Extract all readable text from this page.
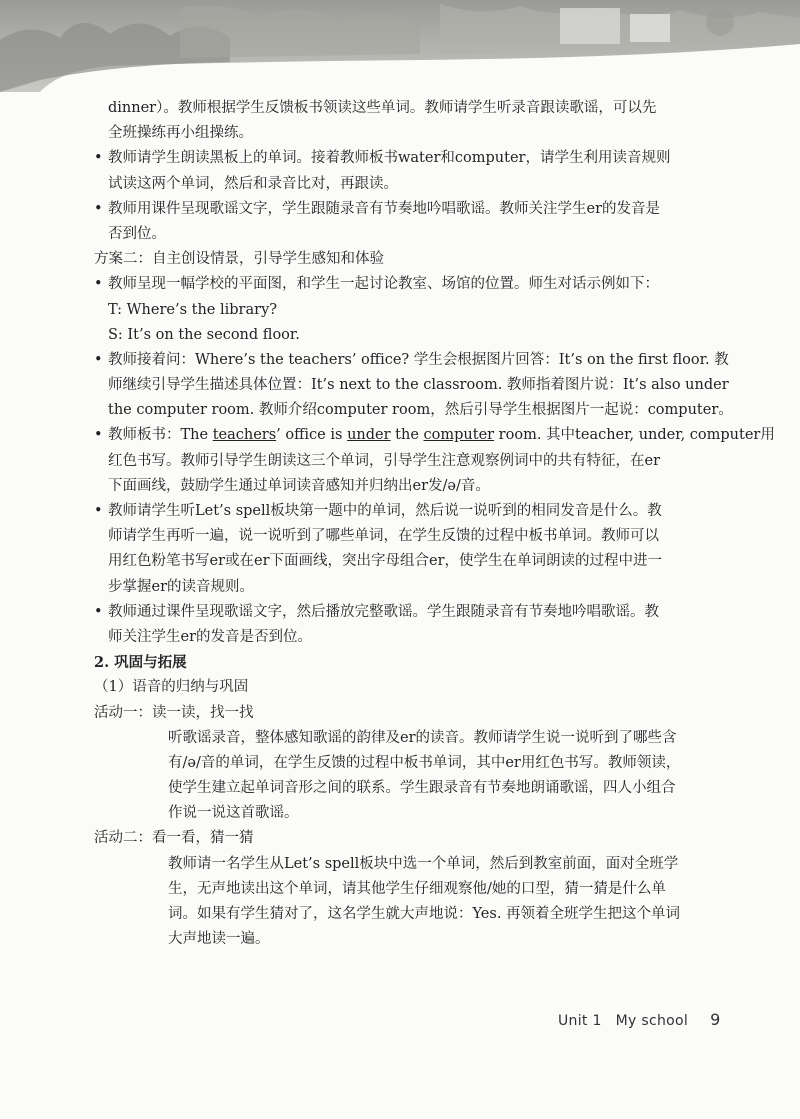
dinner）。教师根据学生反馈板书领读这些单词。教师请学生听录音跟读歌谣，可以先
全班操练再小组操练。
• 教师请学生朗读黑板上的单词。接着教师板书water和computer，请学生利用读音规则
试读这两个单词，然后和录音比对，再跟读。
• 教师用课件呈现歌谣文字，学生跟随录音有节奏地吟唱歌谣。教师关注学生er的发音是
否到位。
方案二：自主创设情景，引导学生感知和体验
• 教师呈现一幅学校的平面图，和学生一起讨论教室、场馆的位置。师生对话示例如下：
T: Where’s the library?
S: It’s on the second floor.
• 教师接着问：Where’s the teachers’ office? 学生会根据图片回答：It’s on the first floor. 教
师继续引导学生描述具体位置：It’s next to the classroom. 教师指着图片说：It’s also under
the computer room. 教师介绍computer room，然后引导学生根据图片一起说：computer。
• 教师板书：The teachers’ office is under the computer room. 其中teacher, under, computer用
红色书写。教师引导学生朗读这三个单词，引导学生注意观察例词中的共有特征，在er
下面画线，鼓励学生通过单词读音感知并归纳出er发/ə/音。
• 教师请学生听Let’s spell板块第一题中的单词，然后说一说听到的相同发音是什么。教
师请学生再听一遍，说一说听到了哪些单词，在学生反馈的过程中板书单词。教师可以
用红色粉笔书写er或在er下面画线，突出字母组合er，使学生在单词朗读的过程中进一
步掌握er的读音规则。
• 教师通过课件呈现歌谣文字，然后播放完整歌谣。学生跟随录音有节奏地吟唱歌谣。教
师关注学生er的发音是否到位。
2. 巩固与拓展
（1）语音的归纳与巩固
活动一：读一读，找一找
听歌谣录音，整体感知歌谣的韵律及er的读音。教师请学生说一说听到了哪些含
有/ə/音的单词，在学生反馈的过程中板书单词，其中er用红色书写。教师领读，
使学生建立起单词音形之间的联系。学生跟录音有节奏地朗诵歌谣，四人小组合
作说一说这首歌谣。
活动二：看一看，猜一猜
教师请一名学生从Let’s spell板块中选一个单词，然后到教室前面，面对全班学
生，无声地读出这个单词，请其他学生仔细观察他/她的口型，猜一猜是什么单
词。如果有学生猜对了，这名学生就大声地说：Yes. 再领着全班学生把这个单词
大声地读一遍。
Unit 1 My school 9
